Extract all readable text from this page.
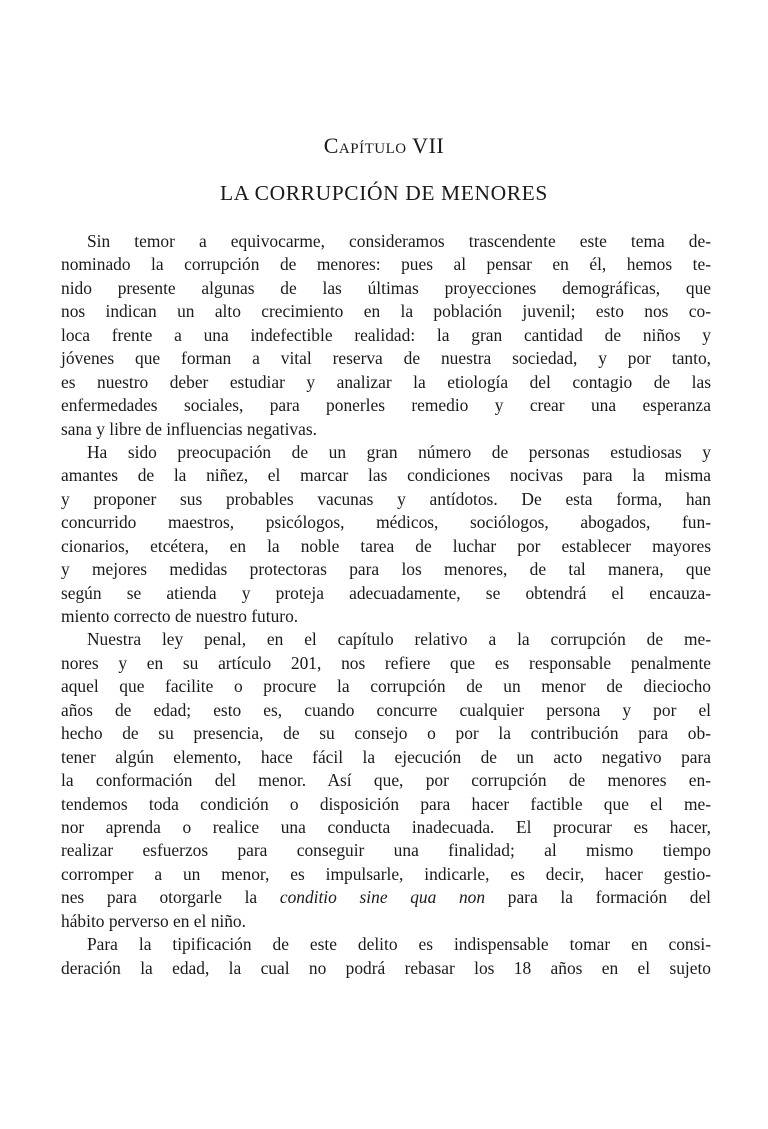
Capítulo VII
LA CORRUPCIÓN DE MENORES
Sin temor a equivocarme, consideramos trascendente este tema de-
nominado la corrupción de menores: pues al pensar en él, hemos te-
nido presente algunas de las últimas proyecciones demográficas, que
nos indican un alto crecimiento en la población juvenil; esto nos co-
loca frente a una indefectible realidad: la gran cantidad de niños y
jóvenes que forman a vital reserva de nuestra sociedad, y por tanto,
es nuestro deber estudiar y analizar la etiología del contagio de las
enfermedades sociales, para ponerles remedio y crear una esperanza
sana y libre de influencias negativas.
Ha sido preocupación de un gran número de personas estudiosas y
amantes de la niñez, el marcar las condiciones nocivas para la misma
y proponer sus probables vacunas y antídotos. De esta forma, han
concurrido maestros, psicólogos, médicos, sociólogos, abogados, fun-
cionarios, etcétera, en la noble tarea de luchar por establecer mayores
y mejores medidas protectoras para los menores, de tal manera, que
según se atienda y proteja adecuadamente, se obtendrá el encauza-
miento correcto de nuestro futuro.
Nuestra ley penal, en el capítulo relativo a la corrupción de me-
nores y en su artículo 201, nos refiere que es responsable penalmente
aquel que facilite o procure la corrupción de un menor de dieciocho
años de edad; esto es, cuando concurre cualquier persona y por el
hecho de su presencia, de su consejo o por la contribución para ob-
tener algún elemento, hace fácil la ejecución de un acto negativo para
la conformación del menor. Así que, por corrupción de menores en-
tendemos toda condición o disposición para hacer factible que el me-
nor aprenda o realice una conducta inadecuada. El procurar es hacer,
realizar esfuerzos para conseguir una finalidad; al mismo tiempo
corromper a un menor, es impulsarle, indicarle, es decir, hacer gestio-
nes para otorgarle la conditio sine qua non para la formación del
hábito perverso en el niño.
Para la tipificación de este delito es indispensable tomar en consi-
deración la edad, la cual no podrá rebasar los 18 años en el sujeto
